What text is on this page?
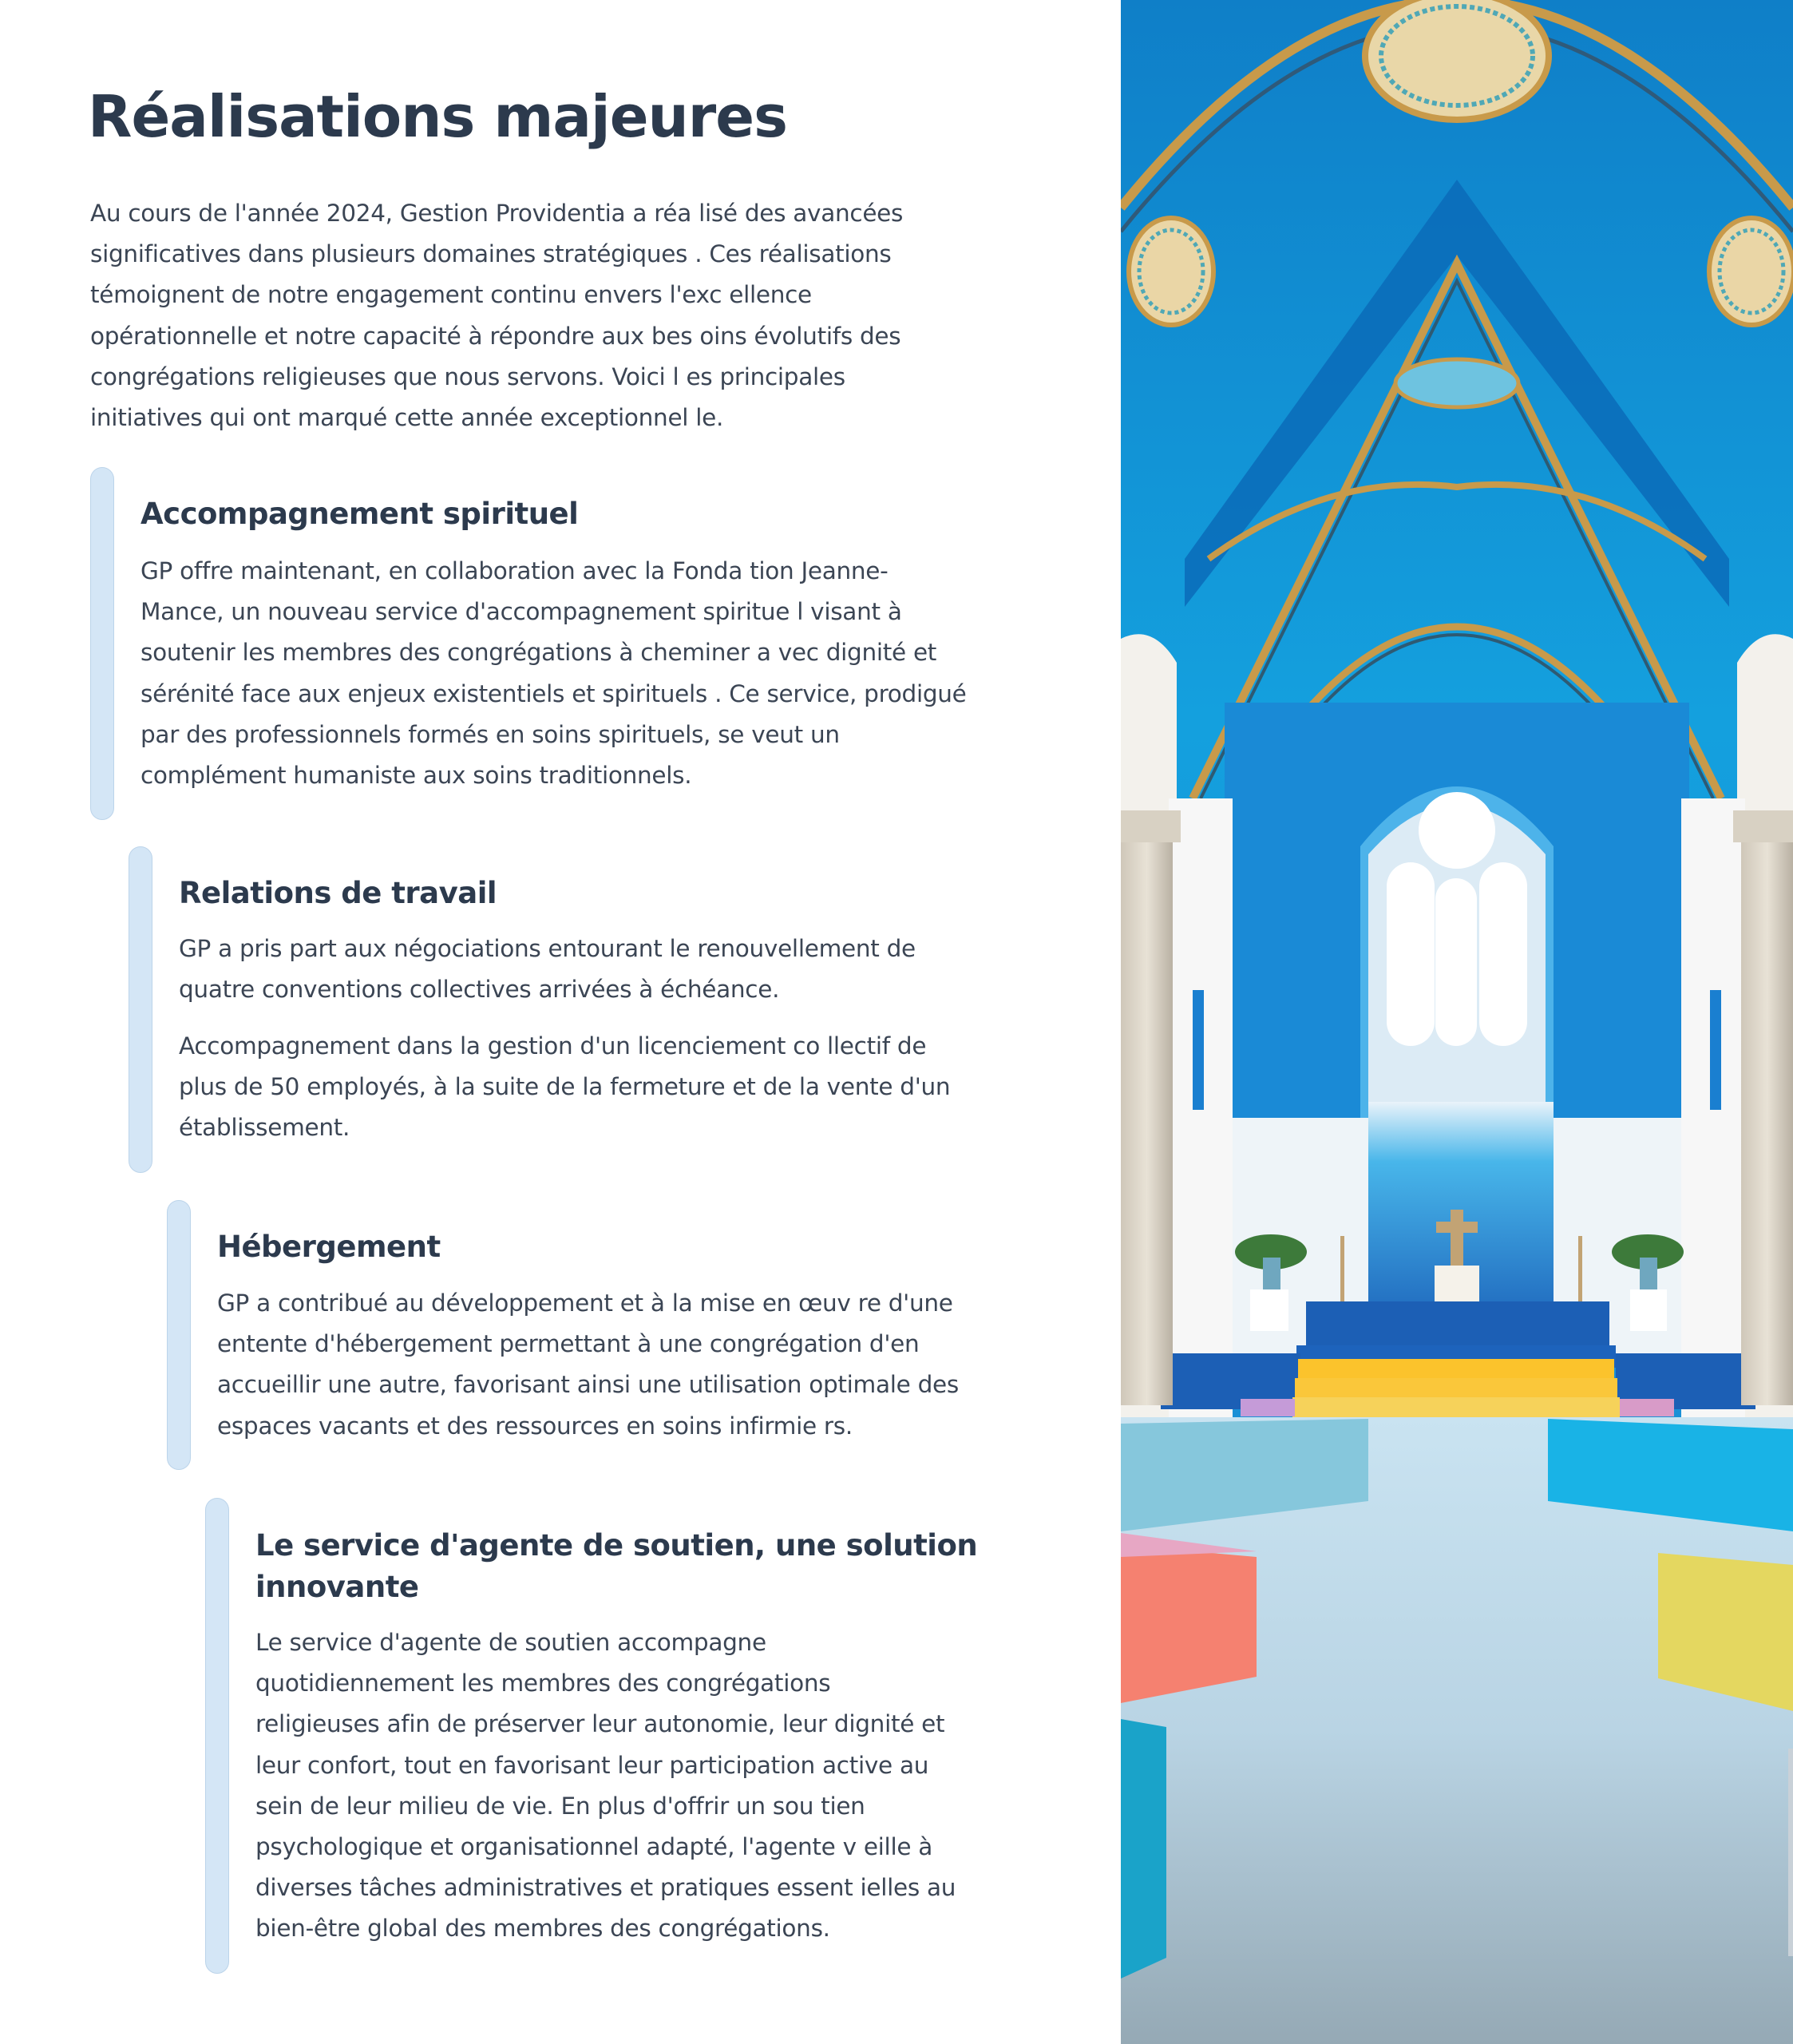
Réalisations majeures
Au cours de l'année 2024, Gestion Providentia a réa lisé des avancées
significatives dans plusieurs domaines stratégiques . Ces réalisations
témoignent de notre engagement continu envers l'exc ellence
opérationnelle et notre capacité à répondre aux bes oins évolutifs des
congrégations religieuses que nous servons. Voici l es principales
initiatives qui ont marqué cette année exceptionnel le.
Accompagnement spirituel
GP offre maintenant, en collaboration avec la Fonda tion Jeanne-
Mance, un nouveau service d'accompagnement spiritue l visant à
soutenir les membres des congrégations à cheminer a vec dignité et
sérénité face aux enjeux existentiels et spirituels . Ce service, prodigué
par des professionnels formés en soins spirituels, se veut un
complément humaniste aux soins traditionnels.
Relations de travail
GP a pris part aux négociations entourant le renouvellement de
quatre conventions collectives arrivées à échéance.
Accompagnement dans la gestion d'un licenciement co llectif de
plus de 50 employés, à la suite de la fermeture et de la vente d'un
établissement.
Hébergement
GP a contribué au développement et à la mise en œuv re d'une
entente d'hébergement permettant à une congrégation d'en
accueillir une autre, favorisant ainsi une utilisation optimale des
espaces vacants et des ressources en soins infirmie rs.
Le service d'agente de soutien, une solution
innovante
Le service d'agente de soutien accompagne
quotidiennement les membres des congrégations
religieuses afin de préserver leur autonomie, leur dignité et
leur confort, tout en favorisant leur participation active au
sein de leur milieu de vie. En plus d'offrir un sou tien
psychologique et organisationnel adapté, l'agente v eille à
diverses tâches administratives et pratiques essent ielles au
bien-être global des membres des congrégations.
